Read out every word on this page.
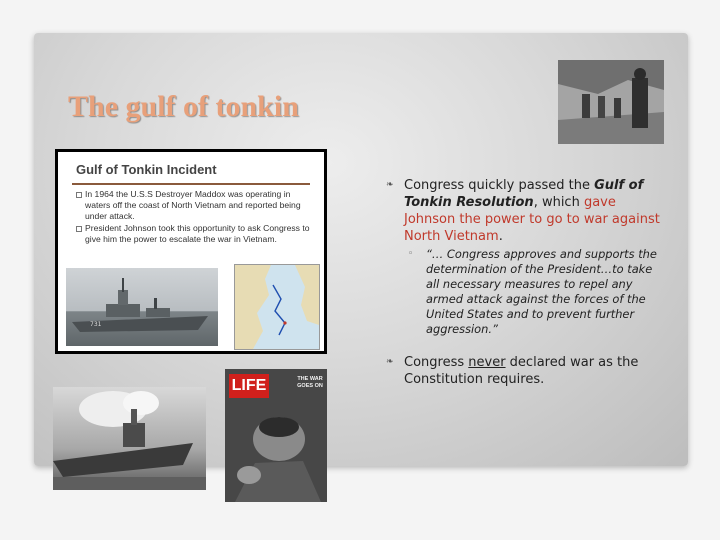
The gulf of tonkin
Gulf of Tonkin Incident
In 1964 the U.S.S Destroyer Maddox was operating in waters off the coast of North Vietnam and reported being under attack.
President Johnson took this opportunity to ask Congress to give him the power to escalate the war in Vietnam.
731
LIFE	THE WAR GOES ON
❧ Congress quickly passed the Gulf of Tonkin Resolution, which gave Johnson the power to go to war against North Vietnam.
◦ “… Congress approves and supports the determination of the President…to take all necessary measures to repel any armed attack against the forces of the United States and to prevent further aggression.”
❧ Congress never declared war as the Constitution requires.
